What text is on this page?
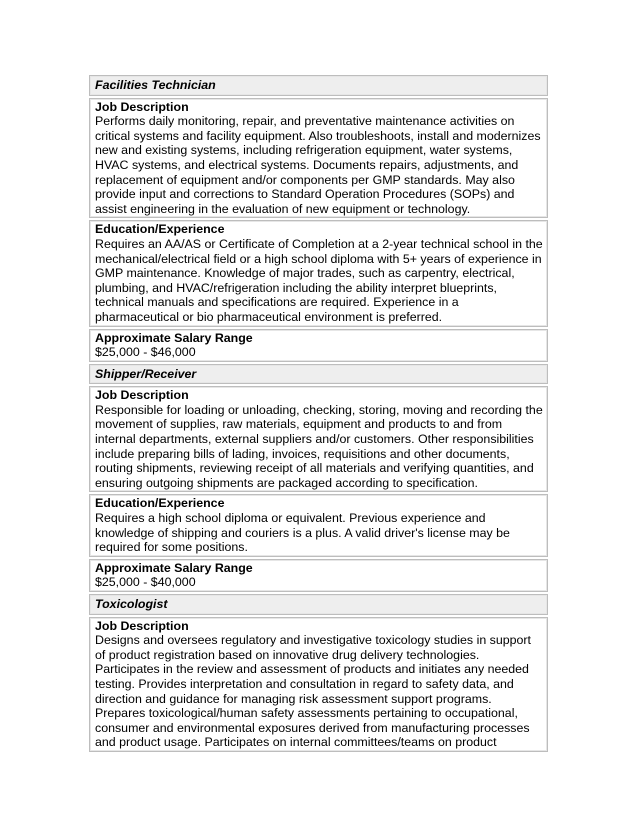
Facilities Technician
Job Description
Performs daily monitoring, repair, and preventative maintenance activities on critical systems and facility equipment. Also troubleshoots, install and modernizes new and existing systems, including refrigeration equipment, water systems, HVAC systems, and electrical systems. Documents repairs, adjustments, and replacement of equipment and/or components per GMP standards. May also provide input and corrections to Standard Operation Procedures (SOPs) and assist engineering in the evaluation of new equipment or technology.
Education/Experience
Requires an AA/AS or Certificate of Completion at a 2-year technical school in the mechanical/electrical field or a high school diploma with 5+ years of experience in GMP maintenance. Knowledge of major trades, such as carpentry, electrical, plumbing, and HVAC/refrigeration including the ability interpret blueprints, technical manuals and specifications are required. Experience in a pharmaceutical or bio pharmaceutical environment is preferred.
Approximate Salary Range
$25,000 - $46,000
Shipper/Receiver
Job Description
Responsible for loading or unloading, checking, storing, moving and recording the movement of supplies, raw materials, equipment and products to and from internal departments, external suppliers and/or customers. Other responsibilities include preparing bills of lading, invoices, requisitions and other documents, routing shipments, reviewing receipt of all materials and verifying quantities, and ensuring outgoing shipments are packaged according to specification.
Education/Experience
Requires a high school diploma or equivalent. Previous experience and knowledge of shipping and couriers is a plus. A valid driver's license may be required for some positions.
Approximate Salary Range
$25,000 - $40,000
Toxicologist
Job Description
Designs and oversees regulatory and investigative toxicology studies in support of product registration based on innovative drug delivery technologies. Participates in the review and assessment of products and initiates any needed testing. Provides interpretation and consultation in regard to safety data, and direction and guidance for managing risk assessment support programs. Prepares toxicological/human safety assessments pertaining to occupational, consumer and environmental exposures derived from manufacturing processes and product usage. Participates on internal committees/teams on product
